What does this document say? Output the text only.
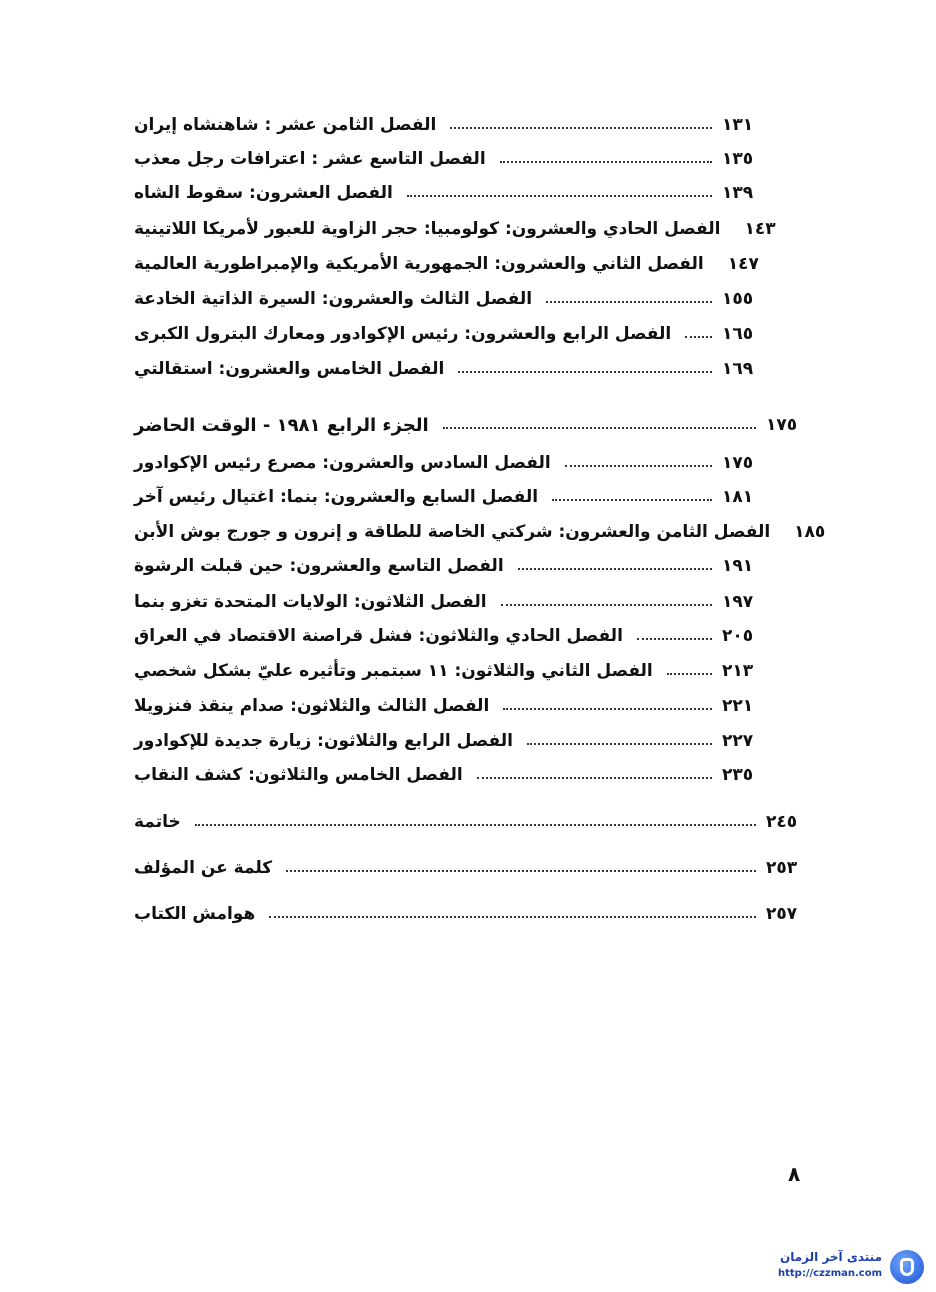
الفصل الثامن عشر : شاهنشاه إيران	١٣١
الفصل التاسع عشر : اعترافات رجل معذب	١٣٥
الفصل العشرون: سقوط الشاه	١٣٩
الفصل الحادي والعشرون: كولومبيا: حجر الزاوية للعبور لأمريكا اللاتينية ١٤٣
الفصل الثاني والعشرون: الجمهورية الأمريكية والإمبراطورية العالمية ١٤٧
الفصل الثالث والعشرون: السيرة الذاتية الخادعة	١٥٥
الفصل الرابع والعشرون: رئيس الإكوادور ومعارك البترول الكبرى	١٦٥
الفصل الخامس والعشرون: استقالتي	١٦٩
الجزء الرابع ١٩٨١ - الوقت الحاضر	١٧٥
الفصل السادس والعشرون: مصرع رئيس الإكوادور	١٧٥
الفصل السابع والعشرون: بنما: اغتيال رئيس آخر	١٨١
الفصل الثامن والعشرون: شركتي الخاصة للطاقة و إنرون و جورج بوش الأبن ١٨٥
الفصل التاسع والعشرون: حين قبلت الرشوة	١٩١
الفصل الثلاثون: الولايات المتحدة تغزو بنما	١٩٧
الفصل الحادي والثلاثون: فشل قراصنة الاقتصاد في العراق	٢٠٥
الفصل الثاني والثلاثون: ١١ سبتمبر وتأثيره عليّ بشكل شخصي	٢١٣
الفصل الثالث والثلاثون: صدام ينقذ فنزويلا	٢٢١
الفصل الرابع والثلاثون: زيارة جديدة للإكوادور	٢٢٧
الفصل الخامس والثلاثون: كشف النقاب	٢٣٥
خاتمة	٢٤٥
كلمة عن المؤلف	٢٥٣
هوامش الكتاب	٢٥٧
٨
منتدى آخر الزمان
http://czzman.com
